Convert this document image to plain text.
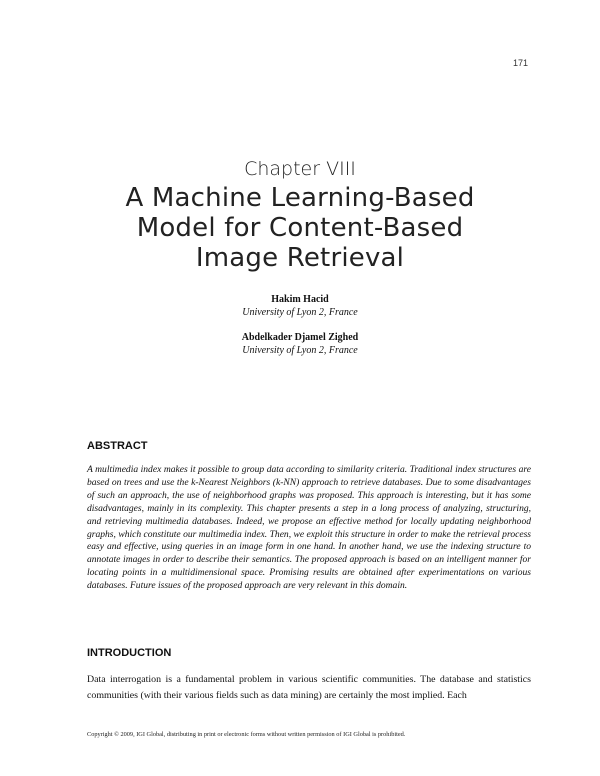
171
Chapter VIII
A Machine Learning-Based
Model for Content-Based
Image Retrieval
Hakim Hacid
University of Lyon 2, France
Abdelkader Djamel Zighed
University of Lyon 2, France
ABSTRACT
A multimedia index makes it possible to group data according to similarity criteria. Traditional index structures are based on trees and use the k-Nearest Neighbors (k-NN) approach to retrieve databases. Due to some disadvantages of such an approach, the use of neighborhood graphs was proposed. This approach is interesting, but it has some disadvantages, mainly in its complexity. This chapter presents a step in a long process of analyzing, structuring, and retrieving multimedia databases. Indeed, we propose an effective method for locally updating neighborhood graphs, which constitute our multimedia index. Then, we exploit this structure in order to make the retrieval process easy and effective, using queries in an image form in one hand. In another hand, we use the indexing structure to annotate images in order to describe their semantics. The proposed approach is based on an intelligent manner for locating points in a multidimensional space. Promising results are obtained after experimentations on various databases. Future issues of the proposed approach are very relevant in this domain.
INTRODUCTION
Data interrogation is a fundamental problem in various scientific communities. The database and statistics communities (with their various fields such as data mining) are certainly the most implied. Each
Copyright © 2009, IGI Global, distributing in print or electronic forms without written permission of IGI Global is prohibited.
